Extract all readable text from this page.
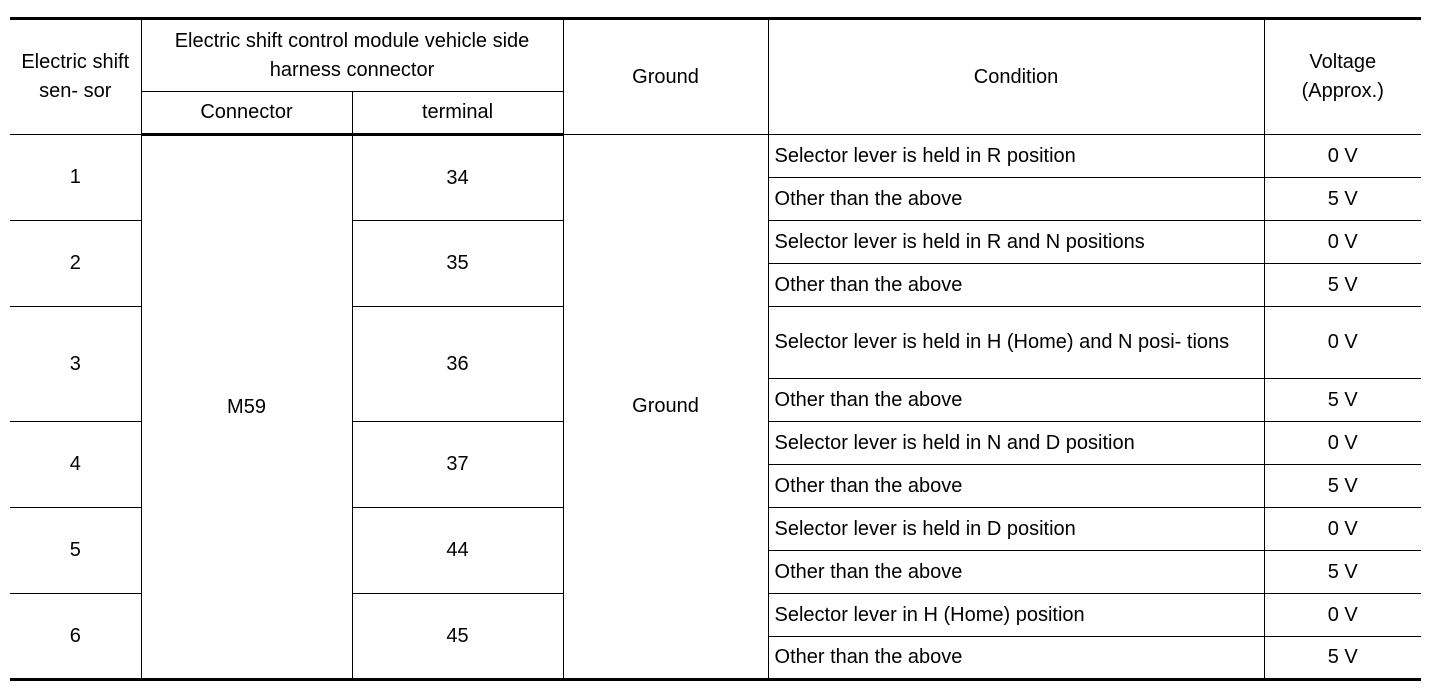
Electric shift sen- sor	Electric shift control module vehicle side harness connector		Ground	Condition	Voltage (Approx.)
	Connector	terminal			
1	M59	34	Ground	Selector lever is held in R position	0 V
				Other than the above	5 V
2		35		Selector lever is held in R and N positions	0 V
				Other than the above	5 V
3		36		Selector lever is held in H (Home) and N posi- tions	0 V
				Other than the above	5 V
4		37		Selector lever is held in N and D position	0 V
				Other than the above	5 V
5		44		Selector lever is held in D position	0 V
				Other than the above	5 V
6		45		Selector lever in H (Home) position	0 V
				Other than the above	5 V
